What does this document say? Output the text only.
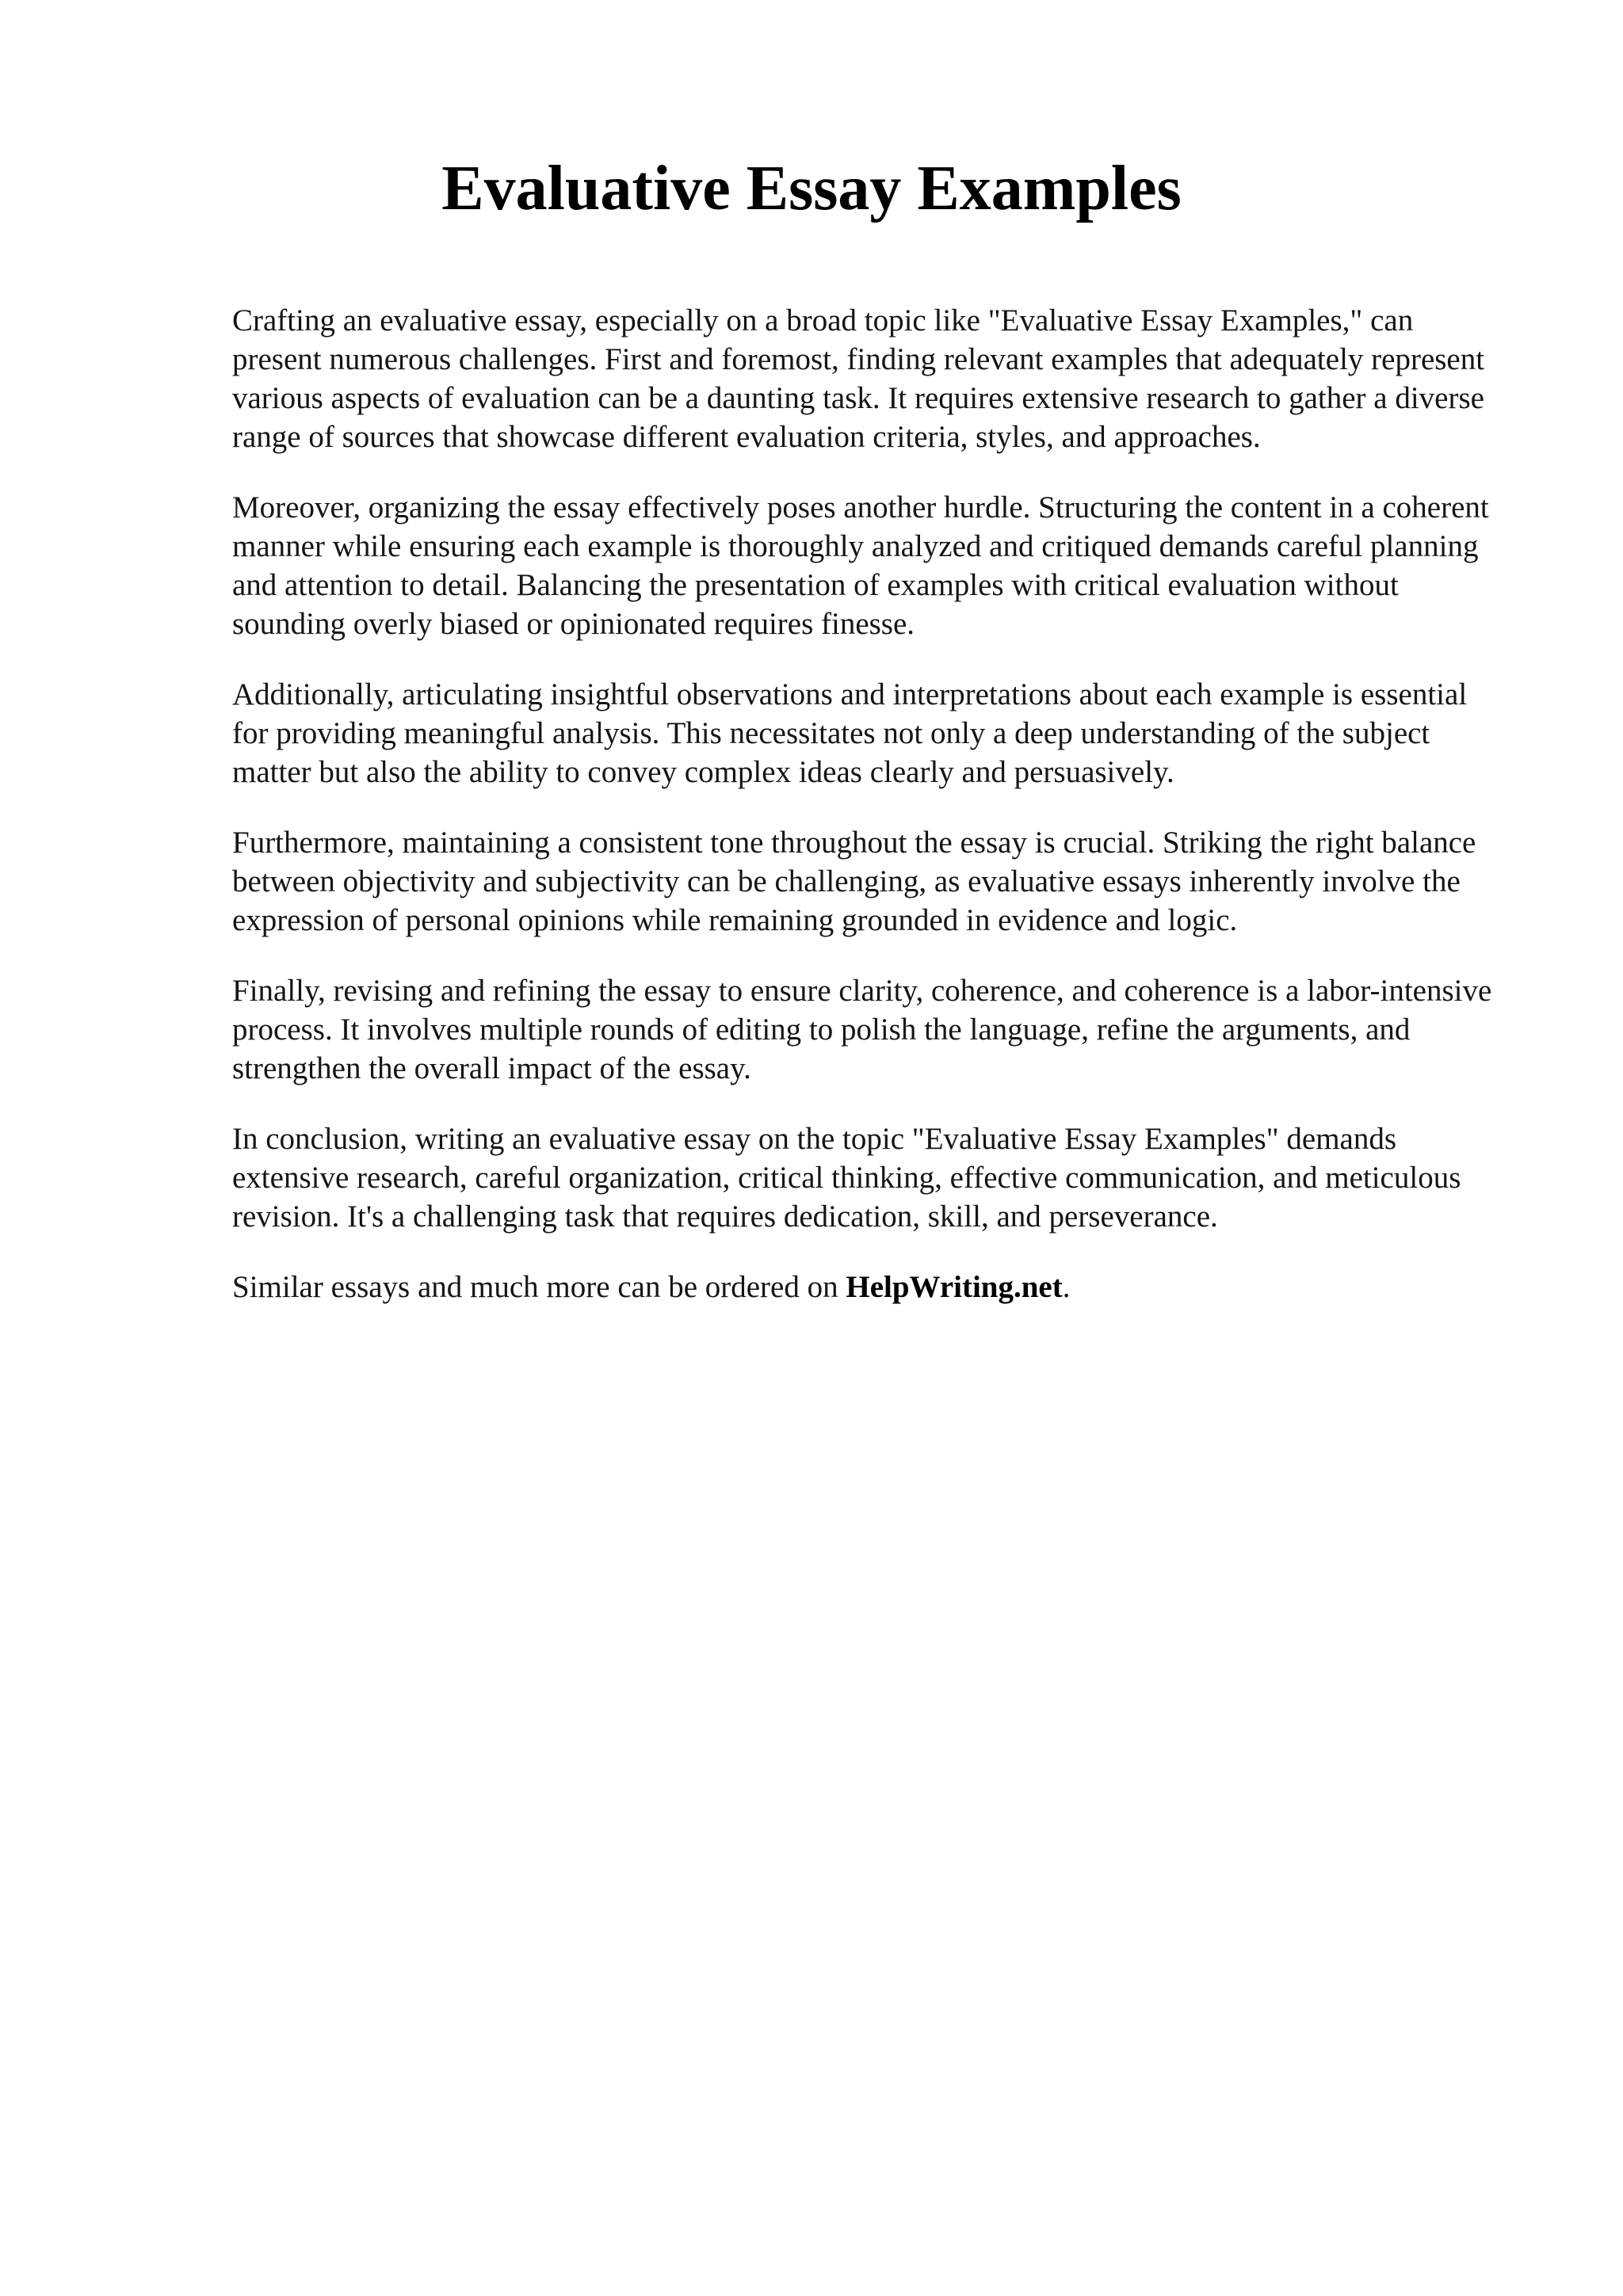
Evaluative Essay Examples

Crafting an evaluative essay, especially on a broad topic like "Evaluative Essay Examples," can present numerous challenges. First and foremost, finding relevant examples that adequately represent various aspects of evaluation can be a daunting task. It requires extensive research to gather a diverse range of sources that showcase different evaluation criteria, styles, and approaches.

Moreover, organizing the essay effectively poses another hurdle. Structuring the content in a coherent manner while ensuring each example is thoroughly analyzed and critiqued demands careful planning and attention to detail. Balancing the presentation of examples with critical evaluation without sounding overly biased or opinionated requires finesse.

Additionally, articulating insightful observations and interpretations about each example is essential for providing meaningful analysis. This necessitates not only a deep understanding of the subject matter but also the ability to convey complex ideas clearly and persuasively.

Furthermore, maintaining a consistent tone throughout the essay is crucial. Striking the right balance between objectivity and subjectivity can be challenging, as evaluative essays inherently involve the expression of personal opinions while remaining grounded in evidence and logic.

Finally, revising and refining the essay to ensure clarity, coherence, and coherence is a labor-intensive process. It involves multiple rounds of editing to polish the language, refine the arguments, and strengthen the overall impact of the essay.

In conclusion, writing an evaluative essay on the topic "Evaluative Essay Examples" demands extensive research, careful organization, critical thinking, effective communication, and meticulous revision. It's a challenging task that requires dedication, skill, and perseverance.

Similar essays and much more can be ordered on HelpWriting.net.
